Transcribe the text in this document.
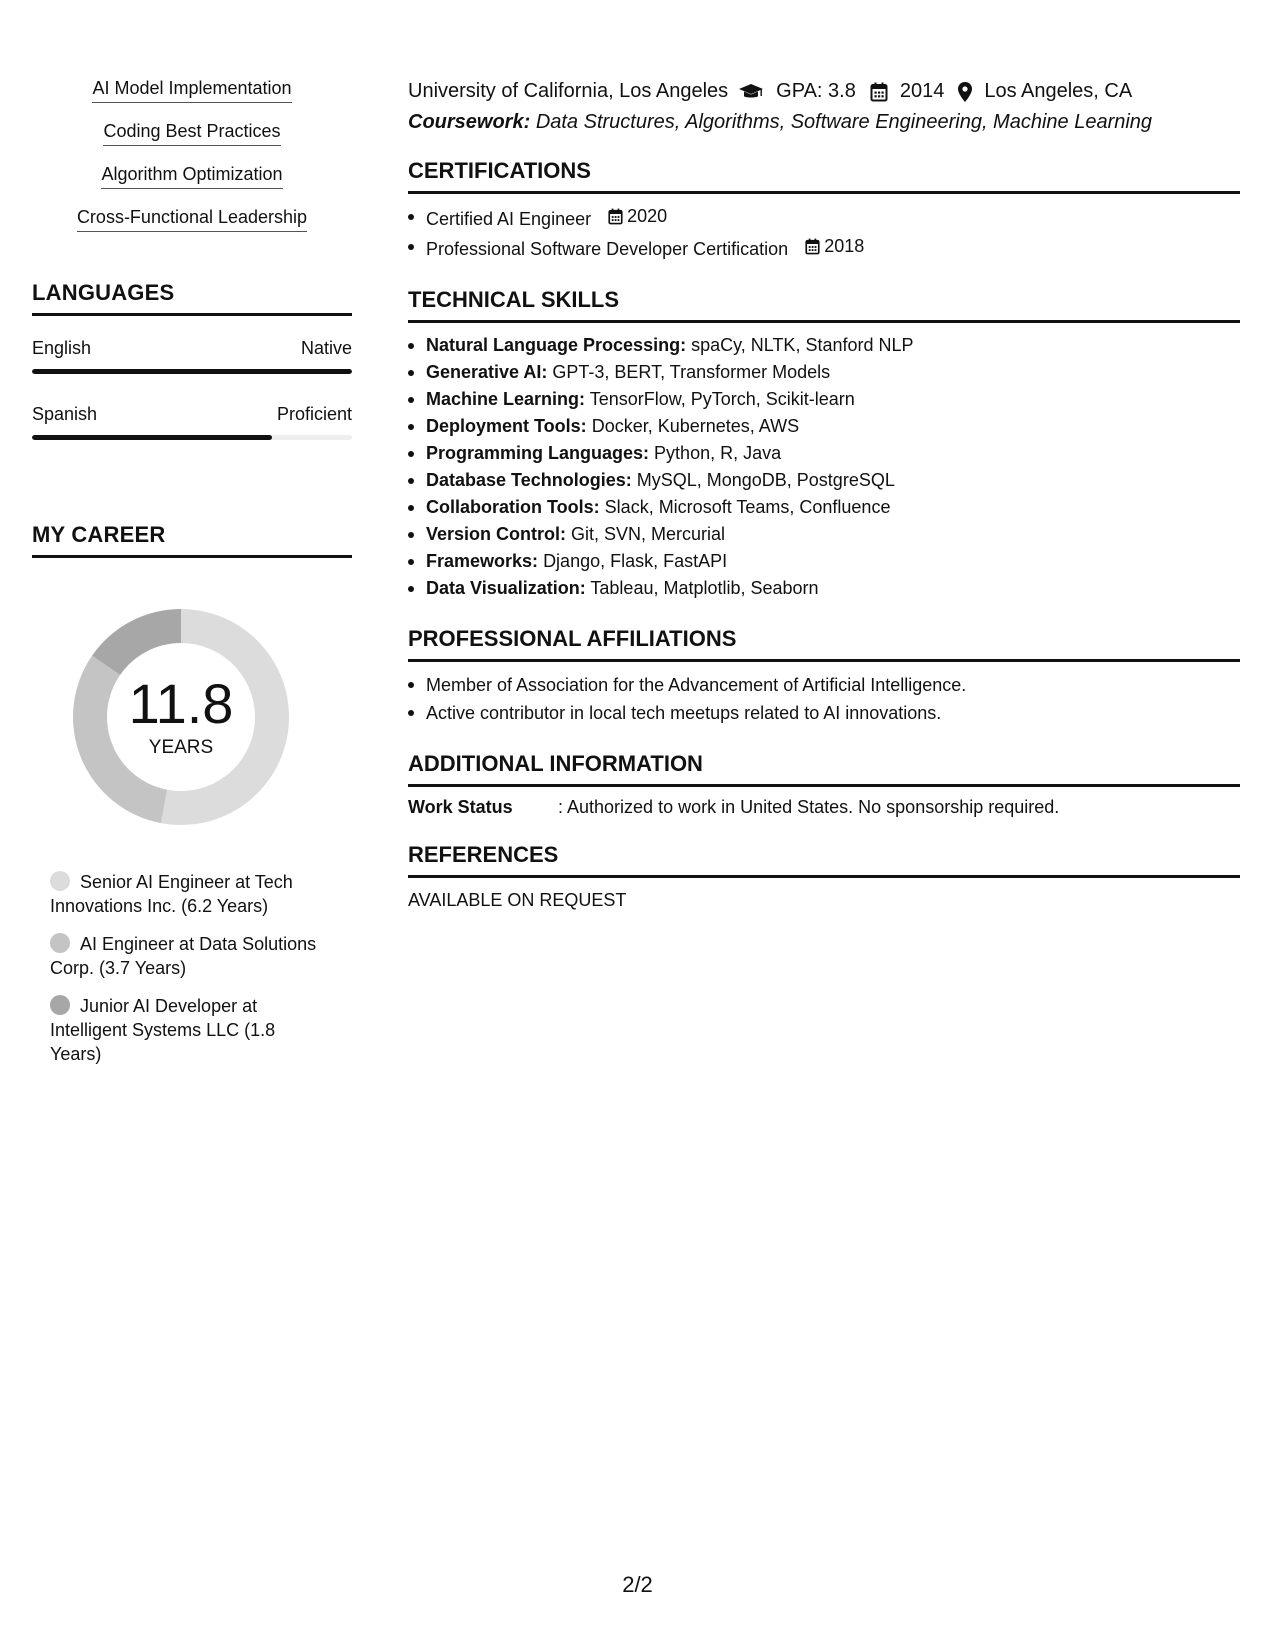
AI Model Implementation
Coding Best Practices
Algorithm Optimization
Cross-Functional Leadership
LANGUAGES
English	Native
Spanish	Proficient
MY CAREER
11.8
YEARS
Senior AI Engineer at Tech Innovations Inc. (6.2 Years)
AI Engineer at Data Solutions Corp. (3.7 Years)
Junior AI Developer at Intelligent Systems LLC (1.8 Years)
University of California, Los Angeles GPA: 3.8 2014 Los Angeles, CA
Coursework: Data Structures, Algorithms, Software Engineering, Machine Learning
CERTIFICATIONS
Certified AI Engineer 2020
Professional Software Developer Certification 2018
TECHNICAL SKILLS
Natural Language Processing: spaCy, NLTK, Stanford NLP
Generative AI: GPT-3, BERT, Transformer Models
Machine Learning: TensorFlow, PyTorch, Scikit-learn
Deployment Tools: Docker, Kubernetes, AWS
Programming Languages: Python, R, Java
Database Technologies: MySQL, MongoDB, PostgreSQL
Collaboration Tools: Slack, Microsoft Teams, Confluence
Version Control: Git, SVN, Mercurial
Frameworks: Django, Flask, FastAPI
Data Visualization: Tableau, Matplotlib, Seaborn
PROFESSIONAL AFFILIATIONS
Member of Association for the Advancement of Artificial Intelligence.
Active contributor in local tech meetups related to AI innovations.
ADDITIONAL INFORMATION
Work Status	: Authorized to work in United States. No sponsorship required.
REFERENCES
AVAILABLE ON REQUEST
2/2
